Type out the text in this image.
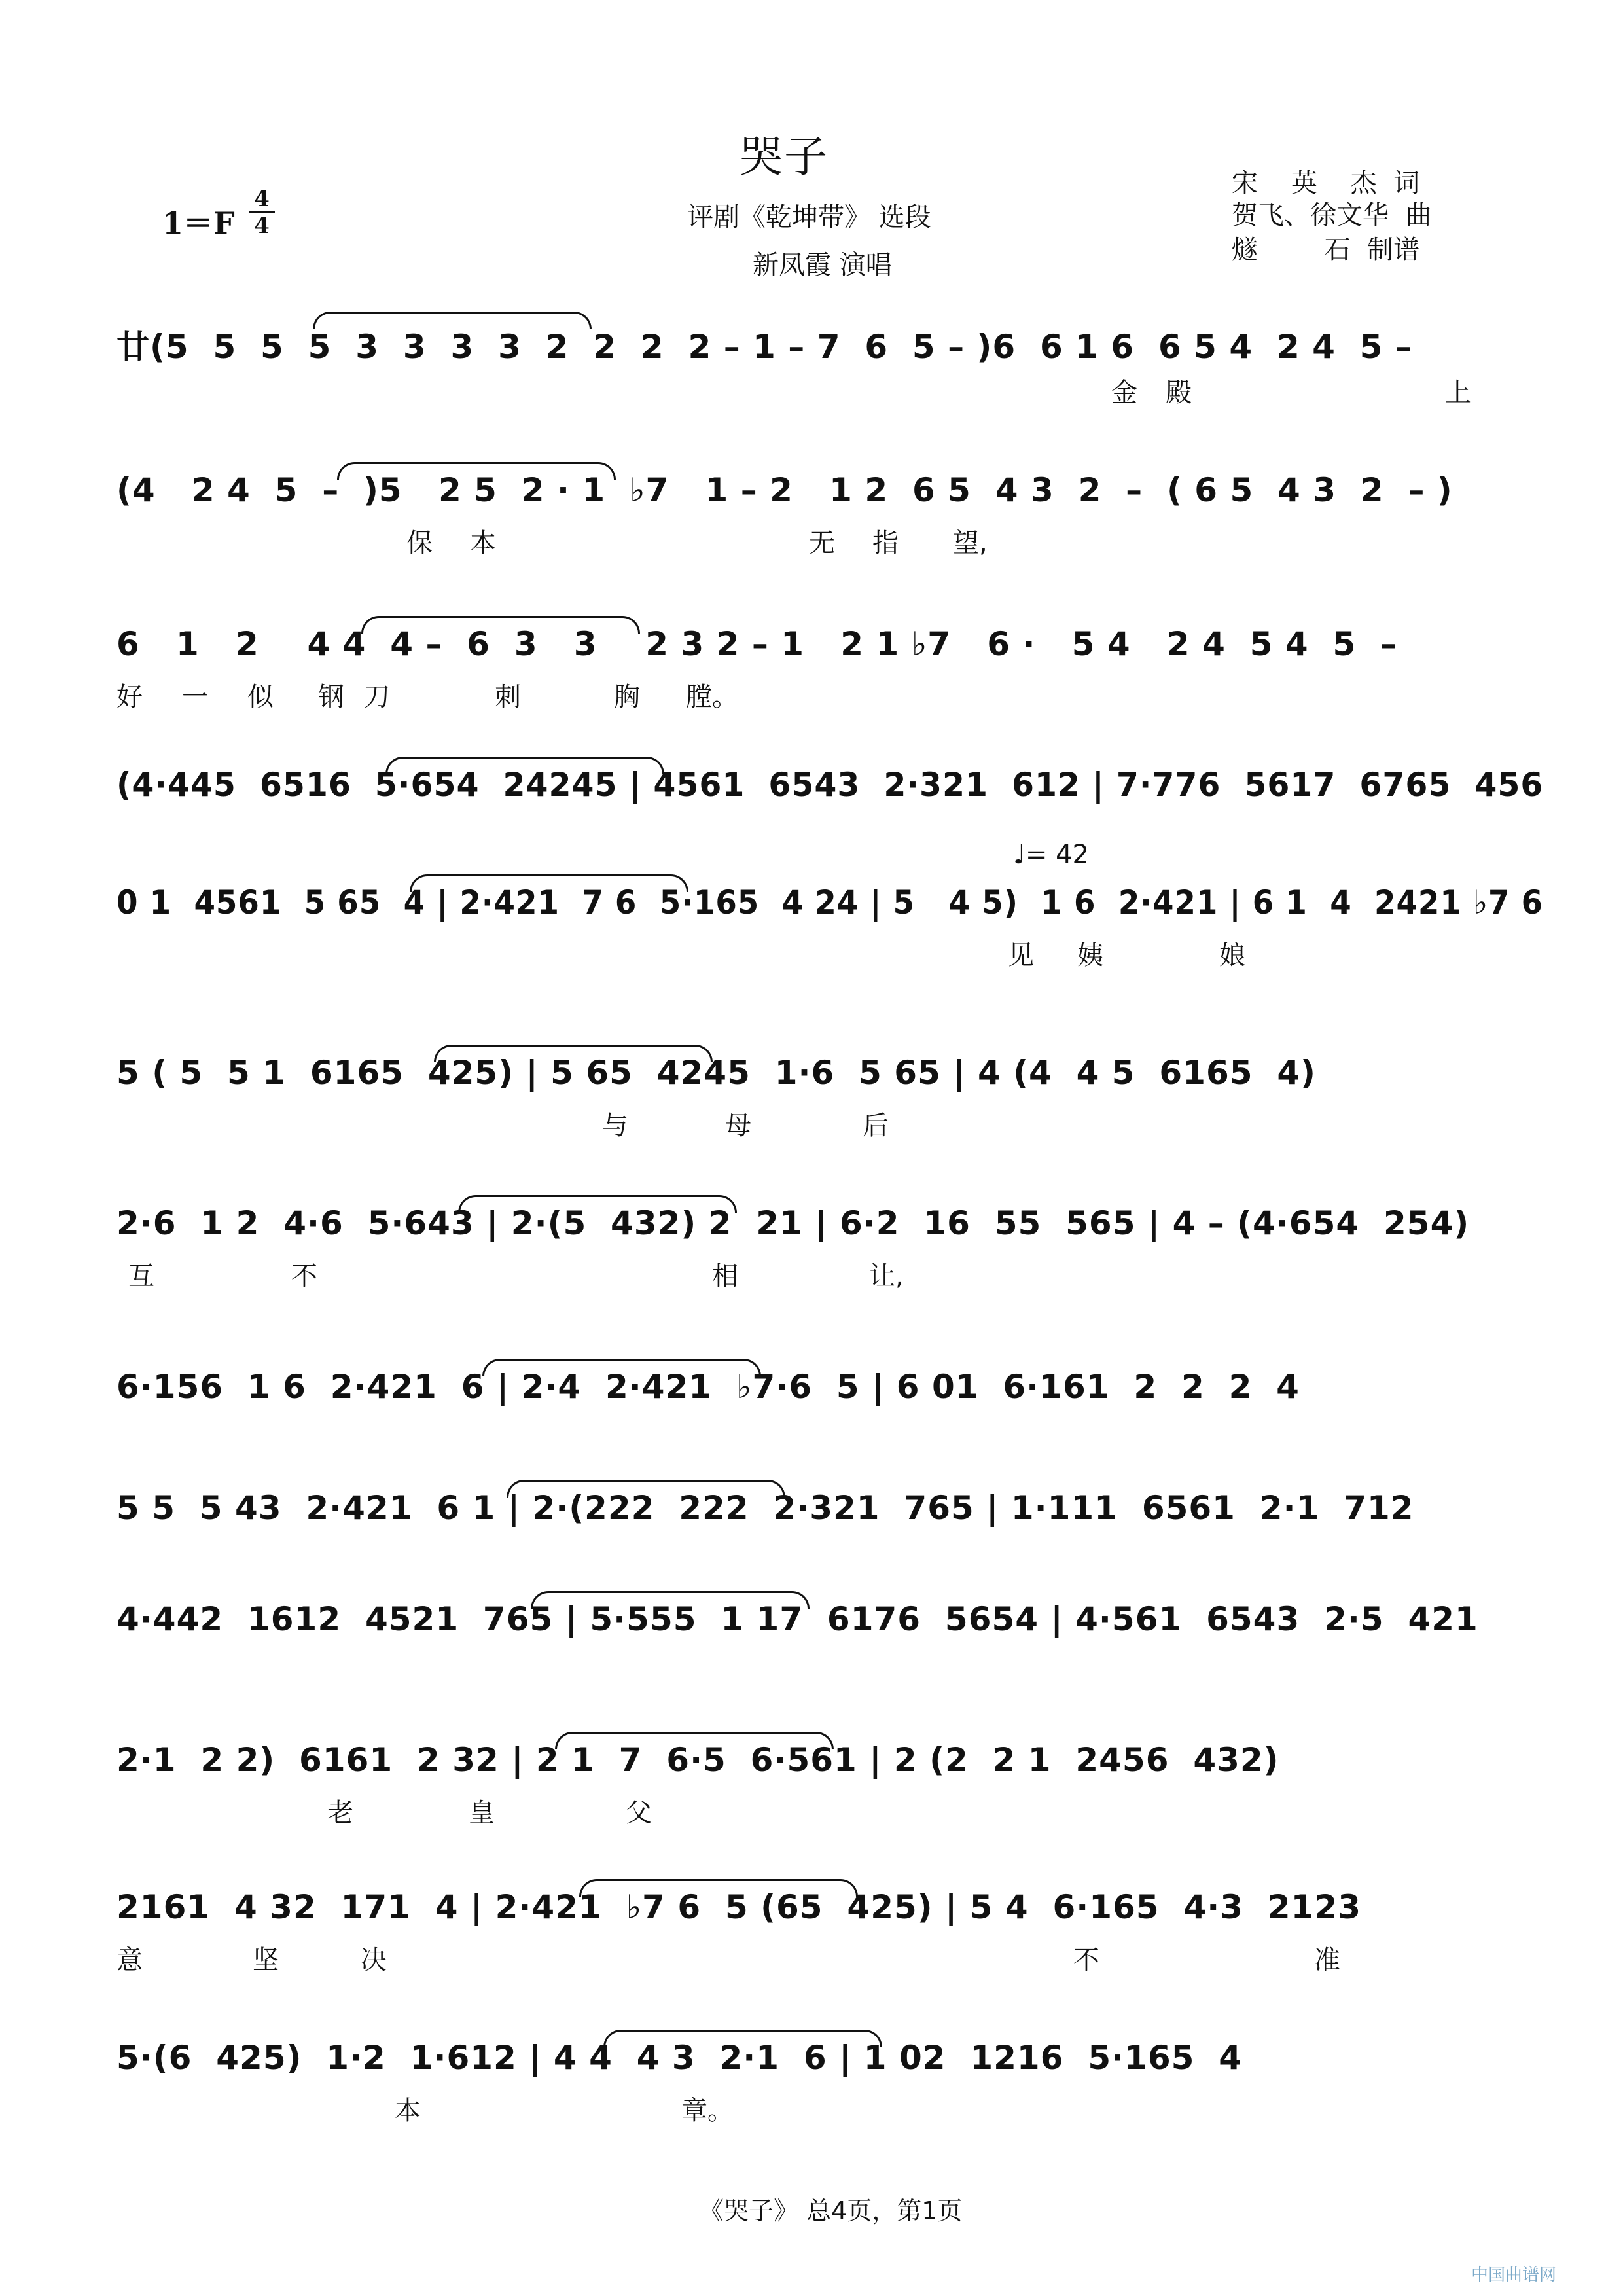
哭子
1＝F
4
4	评剧《乾坤带》 选段
新凤霞 演唱
宋    英    杰  词
贺飞、徐文华  曲
燧        石  制谱
♩= 42
廿(5  5  5  5  3  3  3  3  2  2  2  2 – 1 – 7  6  5 – )6  6 1 6  6 5 4  2 4  5 –
金 殿	上
(4   2 4  5  –  )5   2 5  2 · 1  ♭7   1 – 2   1 2  6 5  4 3  2  –  ( 6 5  4 3  2  – )
保 本	无 指 望,
6   1   2    4 4  4 –  6  3   3    2 3 2 – 1   2 1 ♭7   6 ·   5 4   2 4  5 4  5  –
好 一 似 钢 刀	刺	胸 膛。
(4·445  6516  5·654  24245 | 4561  6543  2·321  612 | 7·776  5617  6765  456
0 1  4561  5 65  4 | 2·421  7 6  5·165  4 24 | 5   4 5)  1 6  2·421 | 6 1  4  2421 ♭7 6
见 姨	娘
5 ( 5  5 1  6165  425) | 5 65  4245  1·6  5 65 | 4 (4  4 5  6165  4)
与	母	后
2·6  1 2  4·6  5·643 | 2·(5  432) 2  21 | 6·2  16  55  565 | 4 – (4·654  254)
互	不	相	让,
6·156  1 6  2·421  6 | 2·4  2·421  ♭7·6  5 | 6 01  6·161  2  2  2  4
5 5  5 43  2·421  6 1 | 2·(222  222  2·321  765 | 1·111  6561  2·1  712
4·442  1612  4521  765 | 5·555  1 17  6176  5654 | 4·561  6543  2·5  421
2·1  2 2)  6161  2 32 | 2 1  7  6·5  6·561 | 2 (2  2 1  2456  432)
老	皇	父
2161  4 32  171  4 | 2·421  ♭7 6  5 (65  425) | 5 4  6·165  4·3  2123
意	坚	决	不	准
5·(6  425)  1·2  1·612 | 4 4  4 3  2·1  6 | 1 02  1216  5·165  4
本	章。
《哭子》 总4页，第1页
中国曲谱网
